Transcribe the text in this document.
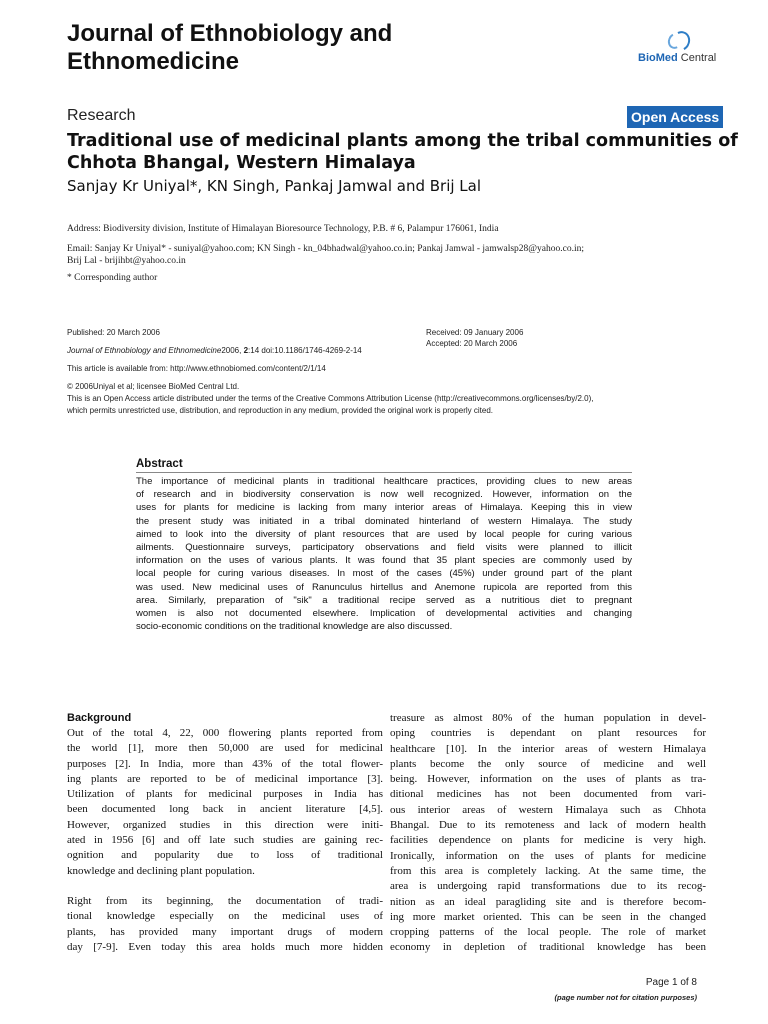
Journal of Ethnobiology and
Ethnomedicine	BioMed Central
Research	Open Access
Traditional use of medicinal plants among the tribal communities of
Chhota Bhangal, Western Himalaya
Sanjay Kr Uniyal*, KN Singh, Pankaj Jamwal and Brij Lal
Address: Biodiversity division, Institute of Himalayan Bioresource Technology, P.B. # 6, Palampur 176061, India
Email: Sanjay Kr Uniyal* - suniyal@yahoo.com; KN Singh - kn_04bhadwal@yahoo.co.in; Pankaj Jamwal - jamwalsp28@yahoo.co.in;
Brij Lal - brijihbt@yahoo.co.in
* Corresponding author
Published: 20 March 2006
Journal of Ethnobiology and Ethnomedicine2006, 2:14 doi:10.1186/1746-4269-2-14
Received: 09 January 2006
Accepted: 20 March 2006
This article is available from: http://www.ethnobiomed.com/content/2/1/14
© 2006Uniyal et al; licensee BioMed Central Ltd.
This is an Open Access article distributed under the terms of the Creative Commons Attribution License (http://creativecommons.org/licenses/by/2.0),
which permits unrestricted use, distribution, and reproduction in any medium, provided the original work is properly cited.
Abstract
The importance of medicinal plants in traditional healthcare practices, providing clues to new areas
of research and in biodiversity conservation is now well recognized. However, information on the
uses for plants for medicine is lacking from many interior areas of Himalaya. Keeping this in view
the present study was initiated in a tribal dominated hinterland of western Himalaya. The study
aimed to look into the diversity of plant resources that are used by local people for curing various
ailments. Questionnaire surveys, participatory observations and field visits were planned to illicit
information on the uses of various plants. It was found that 35 plant species are commonly used by
local people for curing various diseases. In most of the cases (45%) under ground part of the plant
was used. New medicinal uses of Ranunculus hirtellus and Anemone rupicola are reported from this
area. Similarly, preparation of "sik" a traditional recipe served as a nutritious diet to pregnant
women is also not documented elsewhere. Implication of developmental activities and changing
socio-economic conditions on the traditional knowledge are also discussed.
Background
Out of the total 4, 22, 000 flowering plants reported from
the world [1], more then 50,000 are used for medicinal
purposes [2]. In India, more than 43% of the total flower-
ing plants are reported to be of medicinal importance [3].
Utilization of plants for medicinal purposes in India has
been documented long back in ancient literature [4,5].
However, organized studies in this direction were initi-
ated in 1956 [6] and off late such studies are gaining rec-
ognition and popularity due to loss of traditional
knowledge and declining plant population.
Right from its beginning, the documentation of tradi-
tional knowledge especially on the medicinal uses of
plants, has provided many important drugs of modern
day [7-9]. Even today this area holds much more hidden
treasure as almost 80% of the human population in devel-
oping countries is dependant on plant resources for
healthcare [10]. In the interior areas of western Himalaya
plants become the only source of medicine and well
being. However, information on the uses of plants as tra-
ditional medicines has not been documented from vari-
ous interior areas of western Himalaya such as Chhota
Bhangal. Due to its remoteness and lack of modern health
facilities dependence on plants for medicine is very high.
Ironically, information on the uses of plants for medicine
from this area is completely lacking. At the same time, the
area is undergoing rapid transformations due to its recog-
nition as an ideal paragliding site and is therefore becom-
ing more market oriented. This can be seen in the changed
cropping patterns of the local people. The role of market
economy in depletion of traditional knowledge has been
Page 1 of 8
(page number not for citation purposes)
